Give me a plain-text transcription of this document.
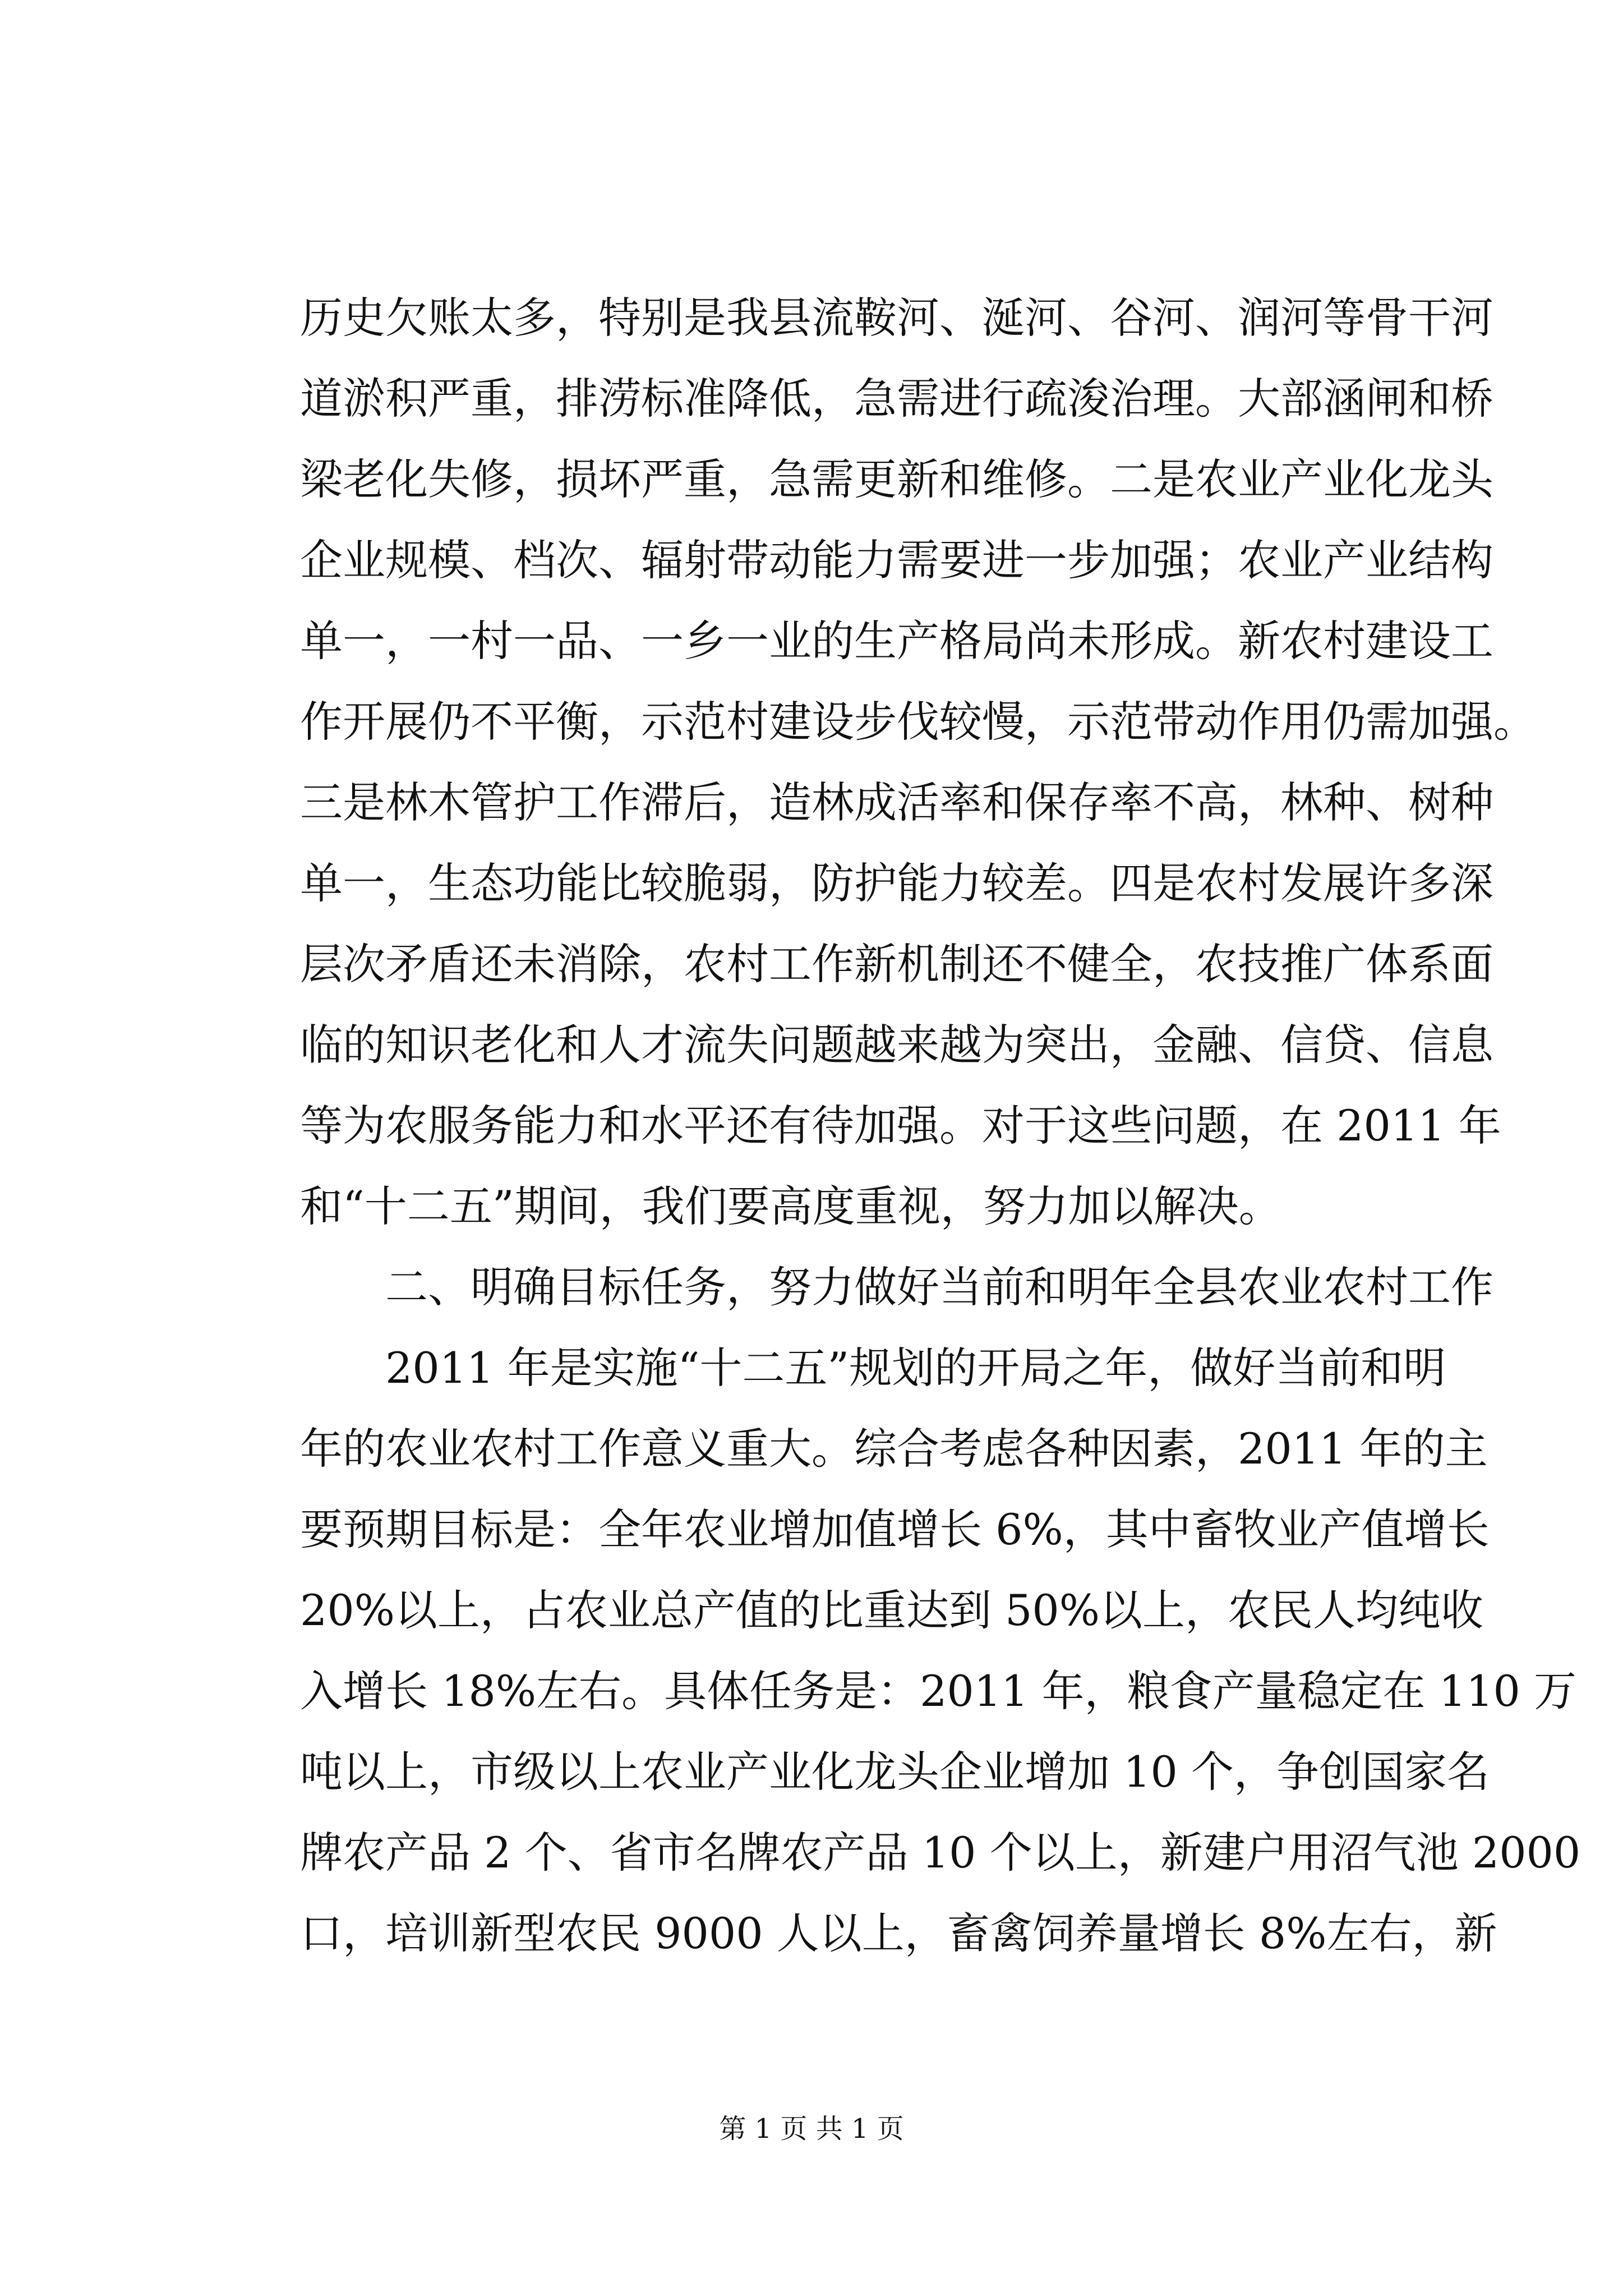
历史欠账太多，特别是我县流鞍河、涎河、谷河、润河等骨干河
道淤积严重，排涝标准降低，急需进行疏浚治理。大部涵闸和桥
梁老化失修，损坏严重，急需更新和维修。二是农业产业化龙头
企业规模、档次、辐射带动能力需要进一步加强；农业产业结构
单一，一村一品、一乡一业的生产格局尚未形成。新农村建设工
作开展仍不平衡，示范村建设步伐较慢，示范带动作用仍需加强。
三是林木管护工作滞后，造林成活率和保存率不高，林种、树种
单一，生态功能比较脆弱，防护能力较差。四是农村发展许多深
层次矛盾还未消除，农村工作新机制还不健全，农技推广体系面
临的知识老化和人才流失问题越来越为突出，金融、信贷、信息
等为农服务能力和水平还有待加强。对于这些问题，在 2011 年
和“十二五”期间，我们要高度重视，努力加以解决。
　　二、明确目标任务，努力做好当前和明年全县农业农村工作
　　2011 年是实施“十二五”规划的开局之年，做好当前和明
年的农业农村工作意义重大。综合考虑各种因素，2011 年的主
要预期目标是：全年农业增加值增长 6%，其中畜牧业产值增长
20%以上，占农业总产值的比重达到 50%以上，农民人均纯收
入增长 18%左右。具体任务是：2011 年，粮食产量稳定在 110 万
吨以上，市级以上农业产业化龙头企业增加 10 个，争创国家名
牌农产品 2 个、省市名牌农产品 10 个以上，新建户用沼气池 2000
口，培训新型农民 9000 人以上，畜禽饲养量增长 8%左右，新
第 1 页 共 1 页
